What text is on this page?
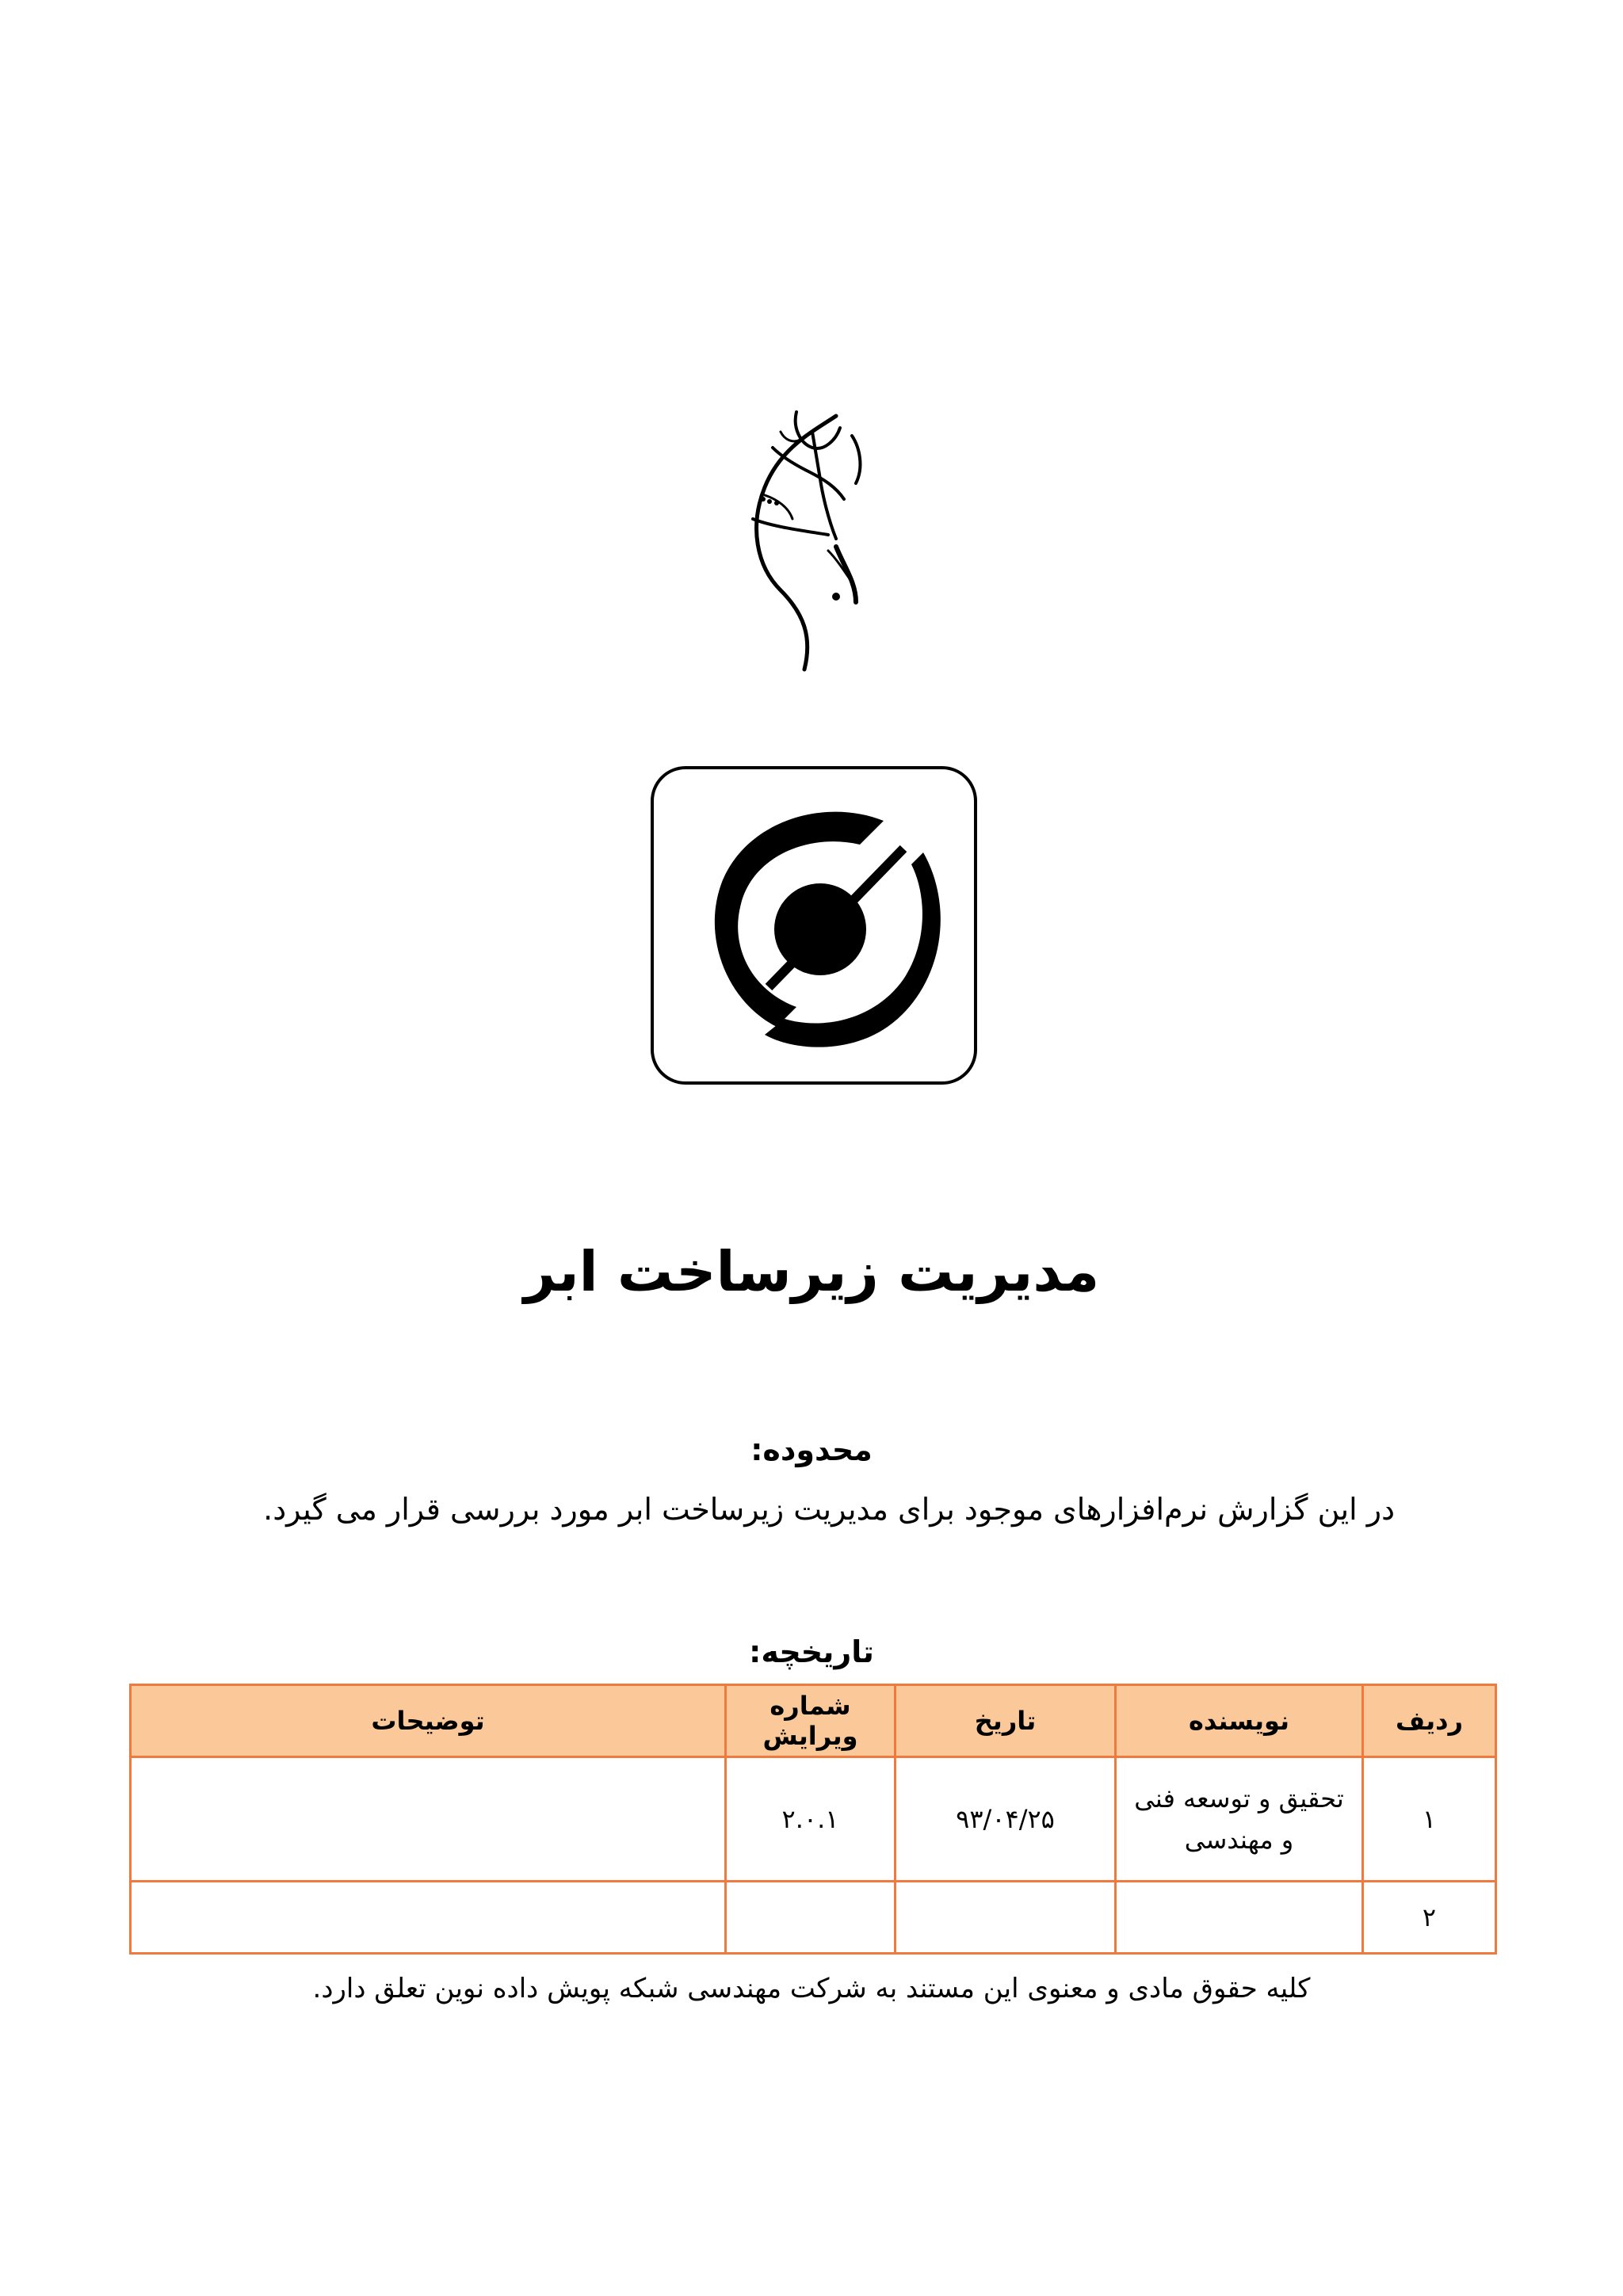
مدیریت زیرساخت ابر
محدوده:
در این گزارش نرم‌افزارهای موجود برای مدیریت زیرساخت ابر مورد بررسی قرار می گیرد.
تاریخچه:
ردیف	نویسنده	تاریخ	شماره ویرایش	توضیحات
۱	تحقیق و توسعه فنی و مهندسی	۹۳/۰۴/۲۵	۲.۰.۱	
۲				
کلیه حقوق مادی و معنوی این مستند به شرکت مهندسی شبکه پویش داده نوین تعلق دارد.
